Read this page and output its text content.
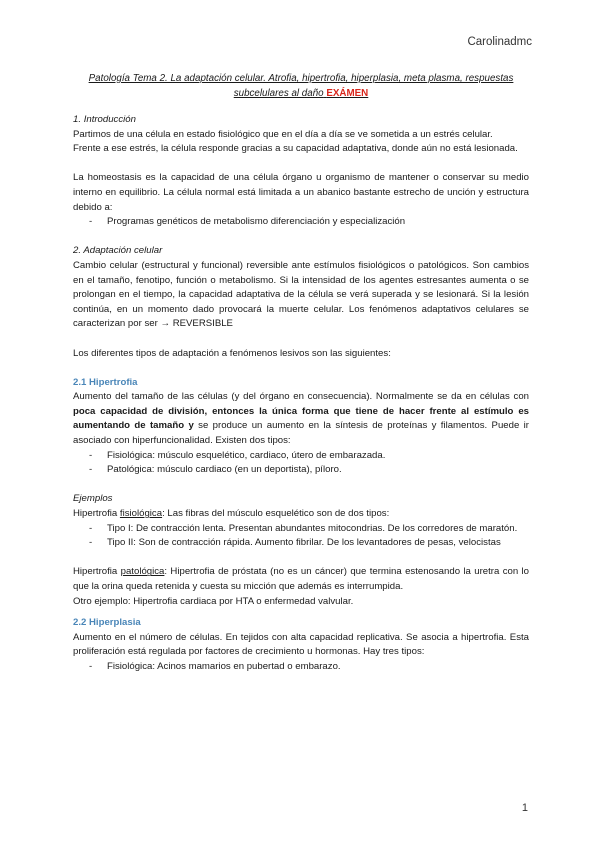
Carolinadmc
Patología Tema 2. La adaptación celular. Atrofia, hipertrofia, hiperplasia, meta plasma, respuestas subcelulares al daño EXÁMEN

1. Introducción

Partimos de una célula en estado fisiológico que en el día a día se ve sometida a un estrés celular.

Frente a ese estrés, la célula responde gracias a su capacidad adaptativa, donde aún no está lesionada.

La homeostasis es la capacidad de una célula órgano u organismo de mantener o conservar su medio interno en equilibrio. La célula normal está limitada a un abanico bastante estrecho de unción y estructura debido a:

- Programas genéticos de metabolismo diferenciación y especialización

2. Adaptación celular

Cambio celular (estructural y funcional) reversible ante estímulos fisiológicos o patológicos. Son cambios en el tamaño, fenotipo, función o metabolismo. Si la intensidad de los agentes estresantes aumenta o se prolongan en el tiempo, la capacidad adaptativa de la célula se verá superada y se lesionará. Si la lesión continúa, en un momento dado provocará la muerte celular. Los fenómenos adaptativos celulares se caracterizan por ser → REVERSIBLE

Los diferentes tipos de adaptación a fenómenos lesivos son las siguientes:

2.1 Hipertrofia

Aumento del tamaño de las células (y del órgano en consecuencia). Normalmente se da en células con poca capacidad de división, entonces la única forma que tiene de hacer frente al estímulo es aumentando de tamaño y se produce un aumento en la síntesis de proteínas y filamentos. Puede ir asociado con hiperfuncionalidad. Existen dos tipos:

- Fisiológica: músculo esquelético, cardiaco, útero de embarazada.
- Patológica: músculo cardiaco (en un deportista), píloro.

Ejemplos

Hipertrofia fisiológica: Las fibras del músculo esquelético son de dos tipos:

- Tipo I: De contracción lenta. Presentan abundantes mitocondrias. De los corredores de maratón.
- Tipo II: Son de contracción rápida. Aumento fibrilar. De los levantadores de pesas, velocistas

Hipertrofia patológica: Hipertrofia de próstata (no es un cáncer) que termina estenosando la uretra con lo que la orina queda retenida y cuesta su micción que además es interrumpida.

Otro ejemplo: Hipertrofia cardiaca por HTA o enfermedad valvular.

2.2 Hiperplasia

Aumento en el número de células. En tejidos con alta capacidad replicativa. Se asocia a hipertrofia. Esta proliferación está regulada por factores de crecimiento u hormonas. Hay tres tipos:

- Fisiológica: Acinos mamarios en pubertad o embarazo.
1
